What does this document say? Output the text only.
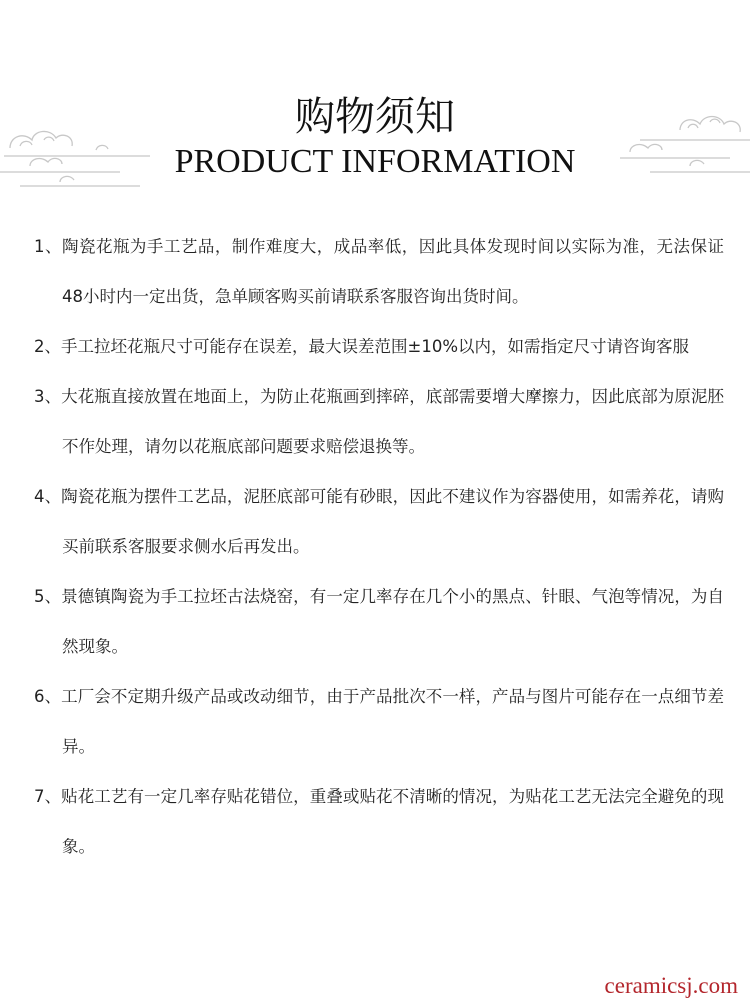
购物须知
PRODUCT INFORMATION
1、陶瓷花瓶为手工艺品，制作难度大，成品率低，因此具体发现时间以实际为准，无法保证48小时内一定出货，急单顾客购买前请联系客服咨询出货时间。
2、手工拉坯花瓶尺寸可能存在误差，最大误差范围±10%以内，如需指定尺寸请咨询客服
3、大花瓶直接放置在地面上，为防止花瓶画到摔碎，底部需要增大摩擦力，因此底部为原泥胚不作处理，请勿以花瓶底部问题要求赔偿退换等。
4、陶瓷花瓶为摆件工艺品，泥胚底部可能有砂眼，因此不建议作为容器使用，如需养花，请购买前联系客服要求侧水后再发出。
5、景德镇陶瓷为手工拉坯古法烧窑，有一定几率存在几个小的黑点、针眼、气泡等情况，为自然现象。
6、工厂会不定期升级产品或改动细节，由于产品批次不一样，产品与图片可能存在一点细节差异。
7、贴花工艺有一定几率存贴花错位，重叠或贴花不清晰的情况，为贴花工艺无法完全避免的现象。
ceramicsj.com
